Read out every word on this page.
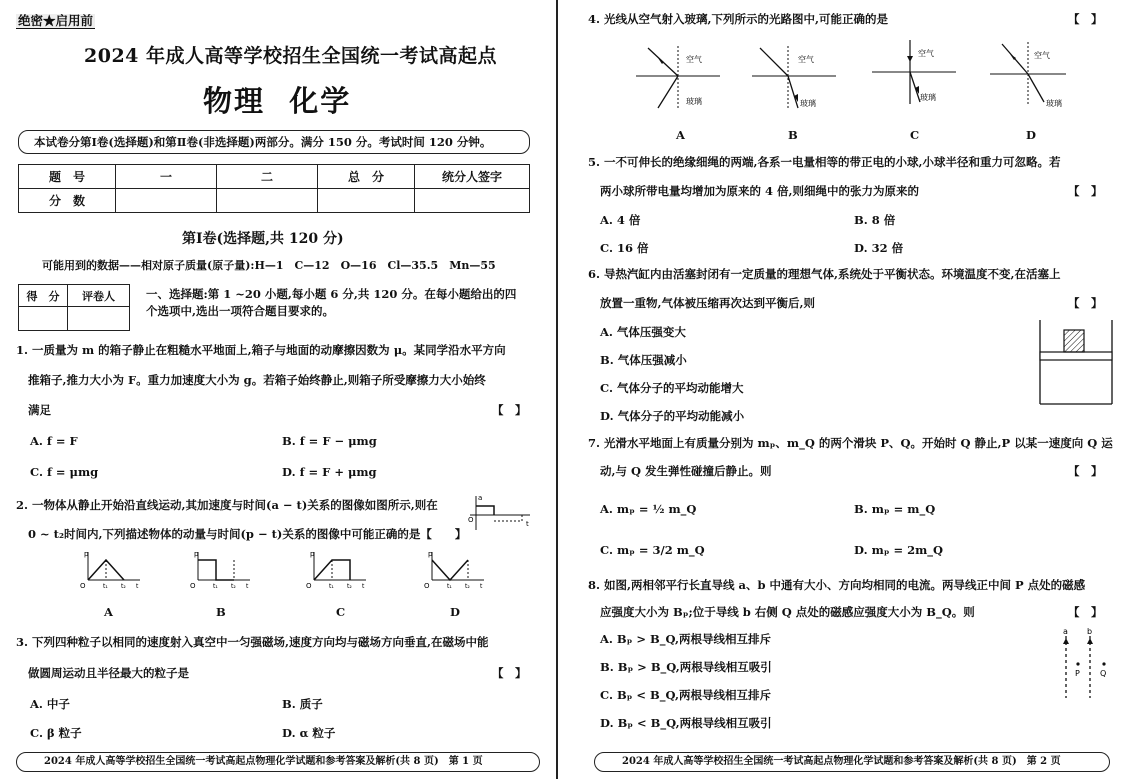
绝密★启用前
2024 年成人高等学校招生全国统一考试高起点
物理  化学
本试卷分第Ⅰ卷(选择题)和第Ⅱ卷(非选择题)两部分。满分 150 分。考试时间 120 分钟。
题　号	一	二	总　分	统分人签字
分　数				
第Ⅰ卷(选择题,共 120 分)
可能用到的数据——相对原子质量(原子量):H—1　C—12　O—16　Cl—35.5　Mn—55
得　分	评卷人
		一、选择题:第 1 ~20 小题,每小题 6 分,共 120 分。在每小题给出的四
个选项中,选出一项符合题目要求的。
1. 一质量为 m 的箱子静止在粗糙水平地面上,箱子与地面的动摩擦因数为 μ。某同学沿水平方向
推箱子,推力大小为 F。重力加速度大小为 g。若箱子始终静止,则箱子所受摩擦力大小始终
满足	【　】
A. f = F	B. f = F − μmg
C. f = μmg	D. f = F + μmg
2. 一物体从静止开始沿直线运动,其加速度与时间(a − t)关系的图像如图所示,则在
0 ~ t₂时间内,下列描述物体的动量与时间(p − t)关系的图像中可能正确的是【　　】
a
O	t
p
O	t₁ t₂ t
p
O	t₁ t₂ t
p
O	t₁ t₂ t
p
O	t₁ t₂ t
A	B	C	D
3. 下列四种粒子以相同的速度射入真空中一匀强磁场,速度方向均与磁场方向垂直,在磁场中能
做圆周运动且半径最大的粒子是	【　】
A. 中子	B. 质子
C. β 粒子	D. α 粒子
2024 年成人高等学校招生全国统一考试高起点物理化学试题和参考答案及解析(共 8 页)　第 1 页
4. 光线从空气射入玻璃,下列所示的光路图中,可能正确的是	【　】
空气
玻璃
空气
玻璃
空气
玻璃
空气
玻璃
A	B	C	D
5. 一不可伸长的绝缘细绳的两端,各系一电量相等的带正电的小球,小球半径和重力可忽略。若
两小球所带电量均增加为原来的 4 倍,则细绳中的张力为原来的	【　】
A. 4 倍	B. 8 倍
C. 16 倍	D. 32 倍
6. 导热汽缸内由活塞封闭有一定质量的理想气体,系统处于平衡状态。环境温度不变,在活塞上
放置一重物,气体被压缩再次达到平衡后,则	【　】
A. 气体压强变大
B. 气体压强减小
C. 气体分子的平均动能增大
D. 气体分子的平均动能减小
7. 光滑水平地面上有质量分别为 mₚ、m_Q 的两个滑块 P、Q。开始时 Q 静止,P 以某一速度向 Q 运
动,与 Q 发生弹性碰撞后静止。则	【　】
A. mₚ = ½ m_Q	B. mₚ = m_Q
C. mₚ = 3/2 m_Q	D. mₚ = 2m_Q
8. 如图,两相邻平行长直导线 a、b 中通有大小、方向均相同的电流。两导线正中间 P 点处的磁感
应强度大小为 Bₚ;位于导线 b 右侧 Q 点处的磁感应强度大小为 B_Q。则	【　】
A. Bₚ > B_Q,两根导线相互排斥
B. Bₚ > B_Q,两根导线相互吸引
C. Bₚ < B_Q,两根导线相互排斥
D. Bₚ < B_Q,两根导线相互吸引
a b
P	Q
2024 年成人高等学校招生全国统一考试高起点物理化学试题和参考答案及解析(共 8 页)　第 2 页
